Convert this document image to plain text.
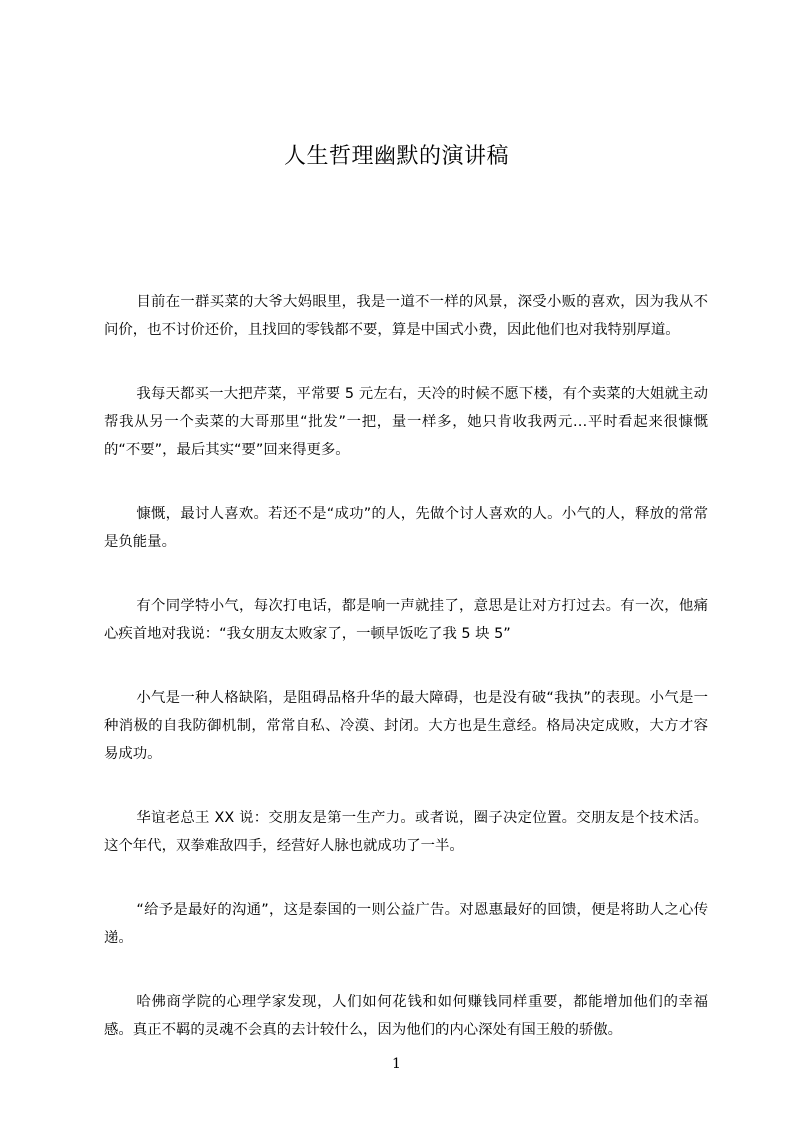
人生哲理幽默的演讲稿

目前在一群买菜的大爷大妈眼里，我是一道不一样的风景，深受小贩的喜欢，因为我从不问价，也不讨价还价，且找回的零钱都不要，算是中国式小费，因此他们也对我特别厚道。

我每天都买一大把芹菜，平常要 5 元左右，天冷的时候不愿下楼，有个卖菜的大姐就主动帮我从另一个卖菜的大哥那里“批发”一把，量一样多，她只肯收我两元…平时看起来很慷慨的“不要”，最后其实“要”回来得更多。

慷慨，最讨人喜欢。若还不是“成功”的人，先做个讨人喜欢的人。小气的人，释放的常常是负能量。

有个同学特小气，每次打电话，都是响一声就挂了，意思是让对方打过去。有一次，他痛心疾首地对我说：“我女朋友太败家了，一顿早饭吃了我 5 块 5”

小气是一种人格缺陷，是阻碍品格升华的最大障碍，也是没有破“我执”的表现。小气是一种消极的自我防御机制，常常自私、冷漠、封闭。大方也是生意经。格局决定成败，大方才容易成功。

华谊老总王 XX 说：交朋友是第一生产力。或者说，圈子决定位置。交朋友是个技术活。这个年代，双拳难敌四手，经营好人脉也就成功了一半。

“给予是最好的沟通”，这是泰国的一则公益广告。对恩惠最好的回馈，便是将助人之心传递。

哈佛商学院的心理学家发现，人们如何花钱和如何赚钱同样重要，都能增加他们的幸福感。真正不羁的灵魂不会真的去计较什么，因为他们的内心深处有国王般的骄傲。

1
